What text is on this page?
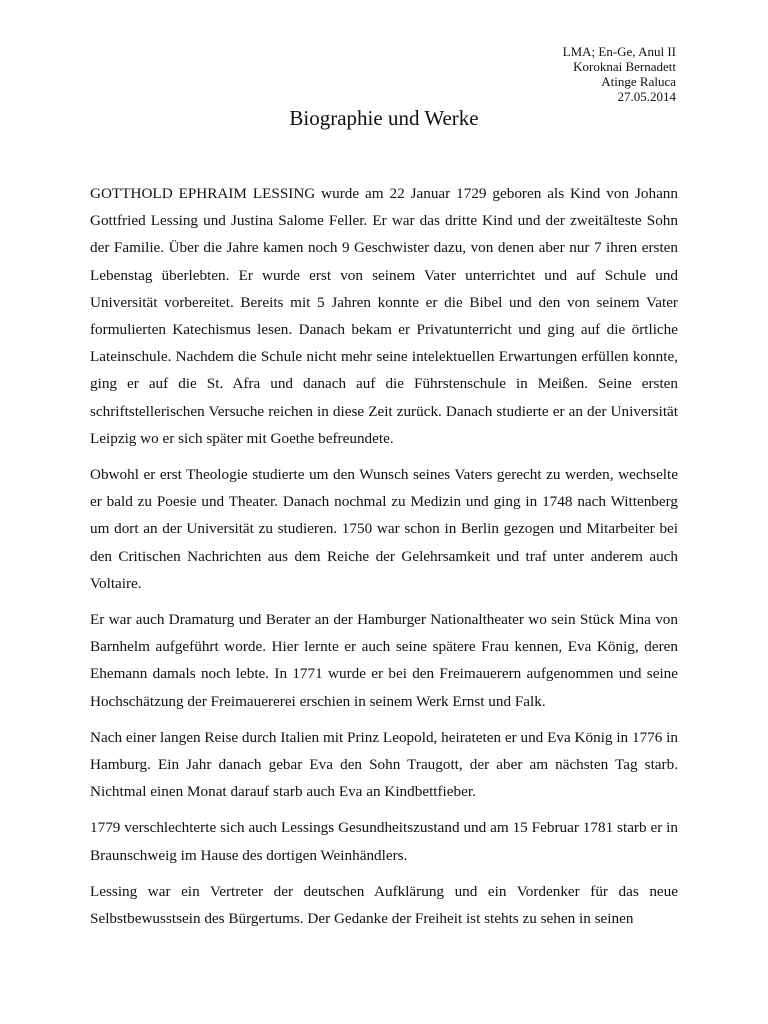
LMA; En-Ge, Anul II
Koroknai Bernadett
Atinge Raluca
27.05.2014
Biographie und Werke

GOTTHOLD EPHRAIM LESSING wurde am 22 Januar 1729 geboren als Kind von Johann Gottfried Lessing und Justina Salome Feller. Er war das dritte Kind und der zweitälteste Sohn der Familie. Über die Jahre kamen noch 9 Geschwister dazu, von denen aber nur 7 ihren ersten Lebenstag überlebten. Er wurde erst von seinem Vater unterrichtet und auf Schule und Universität vorbereitet. Bereits mit 5 Jahren konnte er die Bibel und den von seinem Vater formulierten Katechismus lesen. Danach bekam er Privatunterricht und ging auf die örtliche Lateinschule. Nachdem die Schule nicht mehr seine intelektuellen Erwartungen erfüllen konnte, ging er auf die St. Afra und danach auf die Führstenschule in Meißen. Seine ersten schriftstellerischen Versuche reichen in diese Zeit zurück. Danach studierte er an der Universität Leipzig wo er sich später mit Goethe befreundete.

Obwohl er erst Theologie studierte um den Wunsch seines Vaters gerecht zu werden, wechselte er bald zu Poesie und Theater. Danach nochmal zu Medizin und ging in 1748 nach Wittenberg um dort an der Universität zu studieren. 1750 war schon in Berlin gezogen und Mitarbeiter bei den Critischen Nachrichten aus dem Reiche der Gelehrsamkeit und traf unter anderem auch Voltaire.

Er war auch Dramaturg und Berater an der Hamburger Nationaltheater wo sein Stück Mina von Barnhelm aufgeführt worde. Hier lernte er auch seine spätere Frau kennen, Eva König, deren Ehemann damals noch lebte. In 1771 wurde er bei den Freimauerern aufgenommen und seine Hochschätzung der Freimauererei erschien in seinem Werk Ernst und Falk.

Nach einer langen Reise durch Italien mit Prinz Leopold, heirateten er und Eva König in 1776 in Hamburg. Ein Jahr danach gebar Eva den Sohn Traugott, der aber am nächsten Tag starb. Nichtmal einen Monat darauf starb auch Eva an Kindbettfieber.

1779 verschlechterte sich auch Lessings Gesundheitszustand und am 15 Februar 1781 starb er in Braunschweig im Hause des dortigen Weinhändlers.

Lessing war ein Vertreter der deutschen Aufklärung und ein Vordenker für das neue Selbstbewusstsein des Bürgertums. Der Gedanke der Freiheit ist stehts zu sehen in seinen
